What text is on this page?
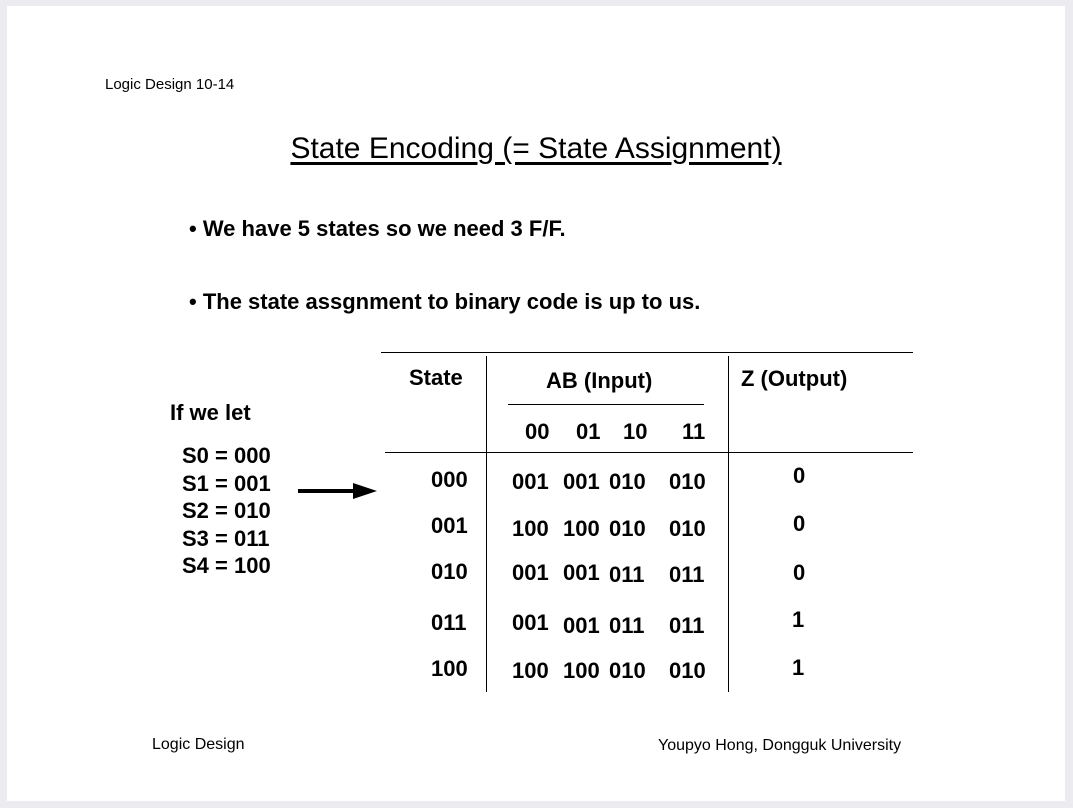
Logic Design 10-14
State Encoding (= State Assignment)
• We have 5 states so we need 3 F/F.
• The state assgnment to binary code is up to us.
If we let
S0 = 000
S1 = 001
S2 = 010
S3 = 011
S4 = 100
State	AB (Input)	Z (Output)
00 01 10 11
000 001 001 010 010	0
001 100 100 010 010	0
010 001 001 011 011	0
011 001 001 011 011	1
100 100 100 010 010	1
Logic Design	Youpyo Hong, Dongguk University
